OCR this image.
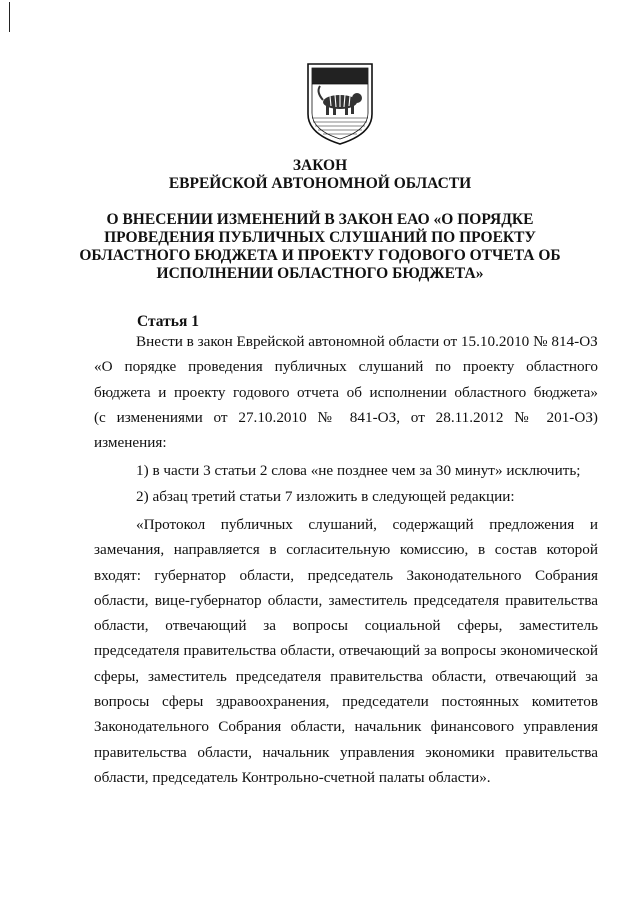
ЗАКОН

ЕВРЕЙСКОЙ АВТОНОМНОЙ ОБЛАСТИ

О ВНЕСЕНИИ ИЗМЕНЕНИЙ В ЗАКОН ЕАО «О ПОРЯДКЕ
ПРОВЕДЕНИЯ ПУБЛИЧНЫХ СЛУШАНИЙ ПО ПРОЕКТУ
ОБЛАСТНОГО БЮДЖЕТА И ПРОЕКТУ ГОДОВОГО ОТЧЕТА ОБ
ИСПОЛНЕНИИ ОБЛАСТНОГО БЮДЖЕТА»
Статья 1
Внести в закон Еврейской автономной области от 15.10.2010 № 814-ОЗ
«О порядке проведения публичных слушаний по проекту областного
бюджета и проекту годового отчета об исполнении областного бюджета»
(с изменениями от 27.10.2010 № 841-ОЗ, от 28.11.2012 № 201-ОЗ)
изменения:
1) в части 3 статьи 2 слова «не позднее чем за 30 минут» исключить;
2) абзац третий статьи 7 изложить в следующей редакции:
«Протокол публичных слушаний, содержащий предложения и
замечания, направляется в согласительную комиссию, в состав которой
входят: губернатор области, председатель Законодательного Собрания
области, вице-губернатор области, заместитель председателя правительства
области, отвечающий за вопросы социальной сферы, заместитель
председателя правительства области, отвечающий за вопросы экономической
сферы, заместитель председателя правительства области, отвечающий за
вопросы сферы здравоохранения, председатели постоянных комитетов
Законодательного Собрания области, начальник финансового управления
правительства области, начальник управления экономики правительства
области, председатель Контрольно-счетной палаты области».
